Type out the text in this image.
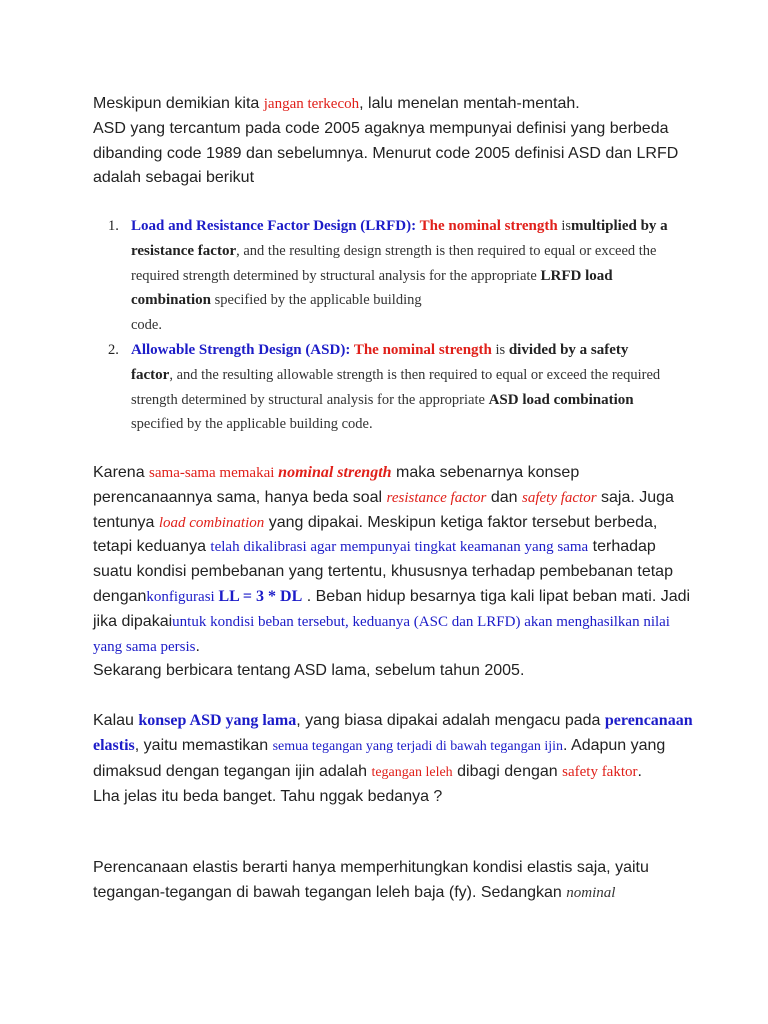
Meskipun demikian kita jangan terkecoh, lalu menelan mentah-mentah.
ASD yang tercantum pada code 2005 agaknya mempunyai definisi yang berbeda dibanding code 1989 dan sebelumnya. Menurut code 2005 definisi ASD dan LRFD adalah sebagai berikut

1. Load and Resistance Factor Design (LRFD): The nominal strength ismultiplied by a resistance factor, and the resulting design strength is then required to equal or exceed the required strength determined by structural analysis for the appropriate LRFD load combination specified by the applicable building
code.
2. Allowable Strength Design (ASD): The nominal strength is divided by a safety factor, and the resulting allowable strength is then required to equal or exceed the required strength determined by structural analysis for the appropriate ASD load combination specified by the applicable building code.

Karena sama-sama memakai nominal strength maka sebenarnya konsep perencanaannya sama, hanya beda soal resistance factor dan safety factor saja. Juga tentunya load combination yang dipakai. Meskipun ketiga faktor tersebut berbeda, tetapi keduanya telah dikalibrasi agar mempunyai tingkat keamanan yang sama terhadap suatu kondisi pembebanan yang tertentu, khususnya terhadap pembebanan tetap dengankonfigurasi LL = 3 * DL . Beban hidup besarnya tiga kali lipat beban mati. Jadi jika dipakaiuntuk kondisi beban tersebut, keduanya (ASC dan LRFD) akan menghasilkan nilai yang sama persis.
Sekarang berbicara tentang ASD lama, sebelum tahun 2005.

Kalau konsep ASD yang lama, yang biasa dipakai adalah mengacu pada perencanaan elastis, yaitu memastikan semua tegangan yang terjadi di bawah tegangan ijin. Adapun yang dimaksud dengan tegangan ijin adalah tegangan leleh dibagi dengan safety faktor.
Lha jelas itu beda banget. Tahu nggak bedanya ?

Perencanaan elastis berarti hanya memperhitungkan kondisi elastis saja, yaitu tegangan-tegangan di bawah tegangan leleh baja (fy). Sedangkan nominal
